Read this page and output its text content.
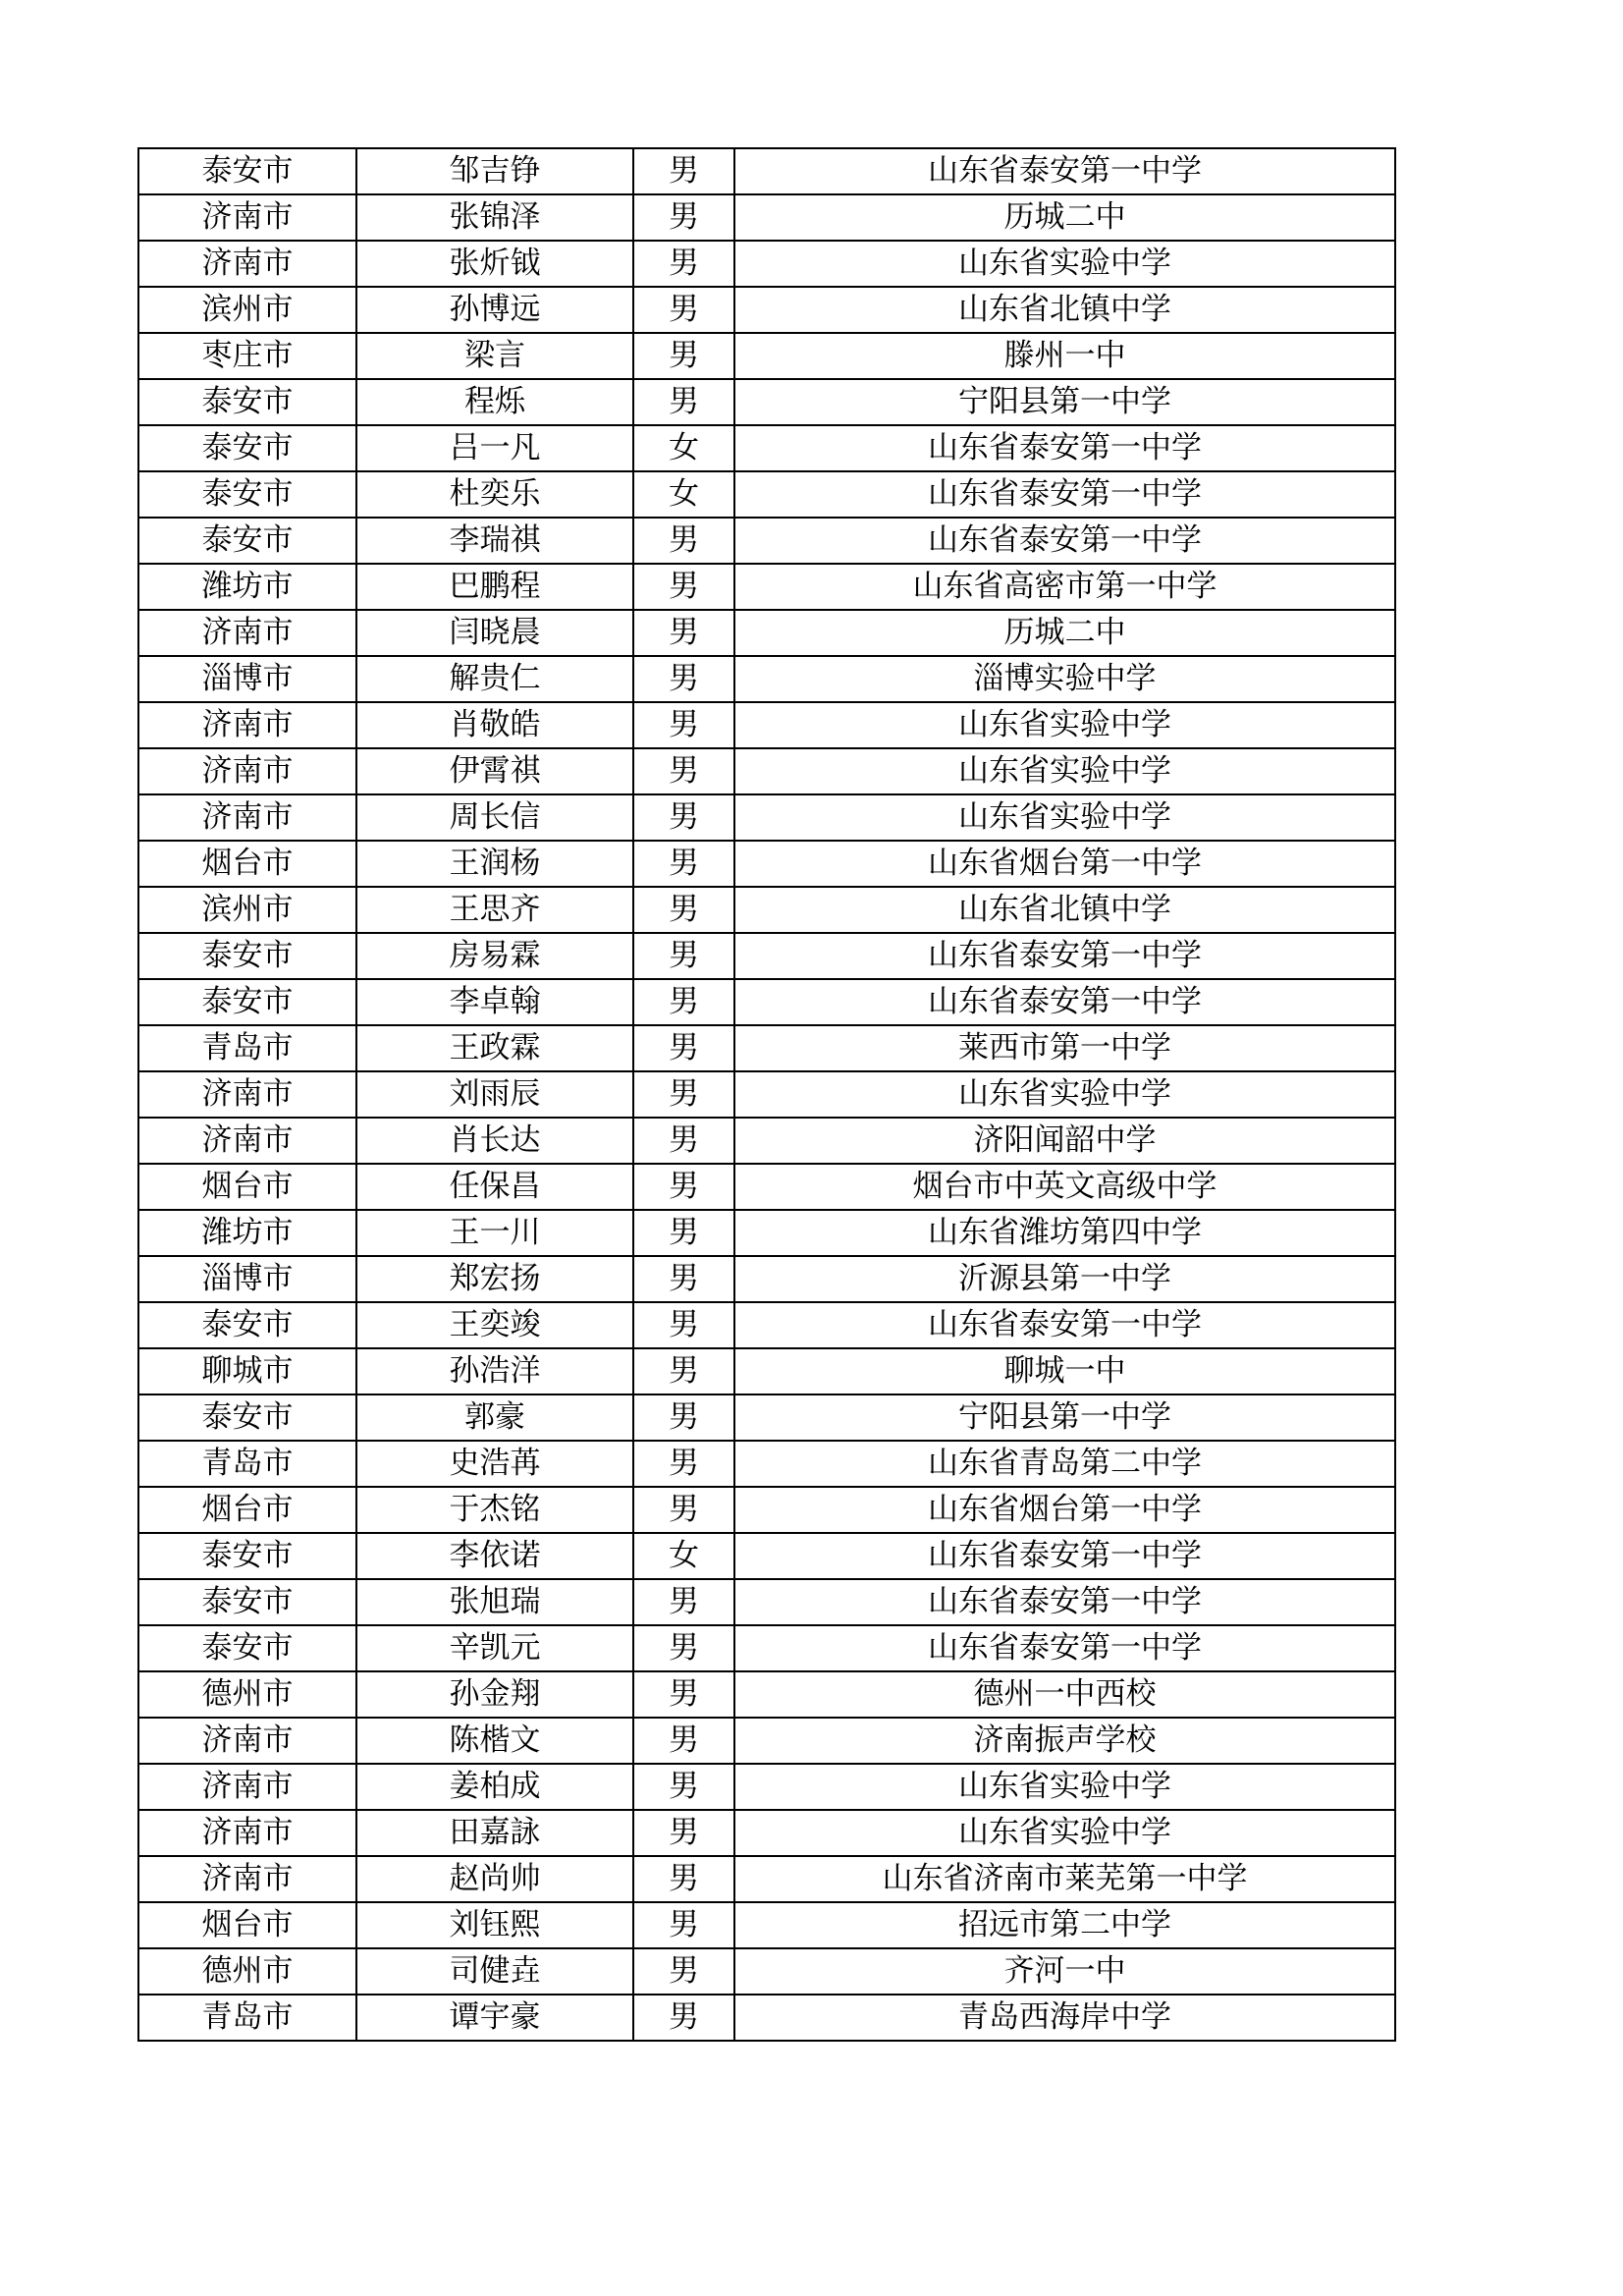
泰安市	邹吉铮	男	山东省泰安第一中学
济南市	张锦泽	男	历城二中
济南市	张炘钺	男	山东省实验中学
滨州市	孙博远	男	山东省北镇中学
枣庄市	梁言	男	滕州一中
泰安市	程烁	男	宁阳县第一中学
泰安市	吕一凡	女	山东省泰安第一中学
泰安市	杜奕乐	女	山东省泰安第一中学
泰安市	李瑞祺	男	山东省泰安第一中学
潍坊市	巴鹏程	男	山东省高密市第一中学
济南市	闫晓晨	男	历城二中
淄博市	解贵仁	男	淄博实验中学
济南市	肖敬皓	男	山东省实验中学
济南市	伊霄祺	男	山东省实验中学
济南市	周长信	男	山东省实验中学
烟台市	王润杨	男	山东省烟台第一中学
滨州市	王思齐	男	山东省北镇中学
泰安市	房易霖	男	山东省泰安第一中学
泰安市	李卓翰	男	山东省泰安第一中学
青岛市	王政霖	男	莱西市第一中学
济南市	刘雨辰	男	山东省实验中学
济南市	肖长达	男	济阳闻韶中学
烟台市	任保昌	男	烟台市中英文高级中学
潍坊市	王一川	男	山东省潍坊第四中学
淄博市	郑宏扬	男	沂源县第一中学
泰安市	王奕竣	男	山东省泰安第一中学
聊城市	孙浩洋	男	聊城一中
泰安市	郭豪	男	宁阳县第一中学
青岛市	史浩苒	男	山东省青岛第二中学
烟台市	于杰铭	男	山东省烟台第一中学
泰安市	李依诺	女	山东省泰安第一中学
泰安市	张旭瑞	男	山东省泰安第一中学
泰安市	辛凯元	男	山东省泰安第一中学
德州市	孙金翔	男	德州一中西校
济南市	陈楷文	男	济南振声学校
济南市	姜柏成	男	山东省实验中学
济南市	田嘉詠	男	山东省实验中学
济南市	赵尚帅	男	山东省济南市莱芜第一中学
烟台市	刘钰熙	男	招远市第二中学
德州市	司健垚	男	齐河一中
青岛市	谭宇豪	男	青岛西海岸中学
